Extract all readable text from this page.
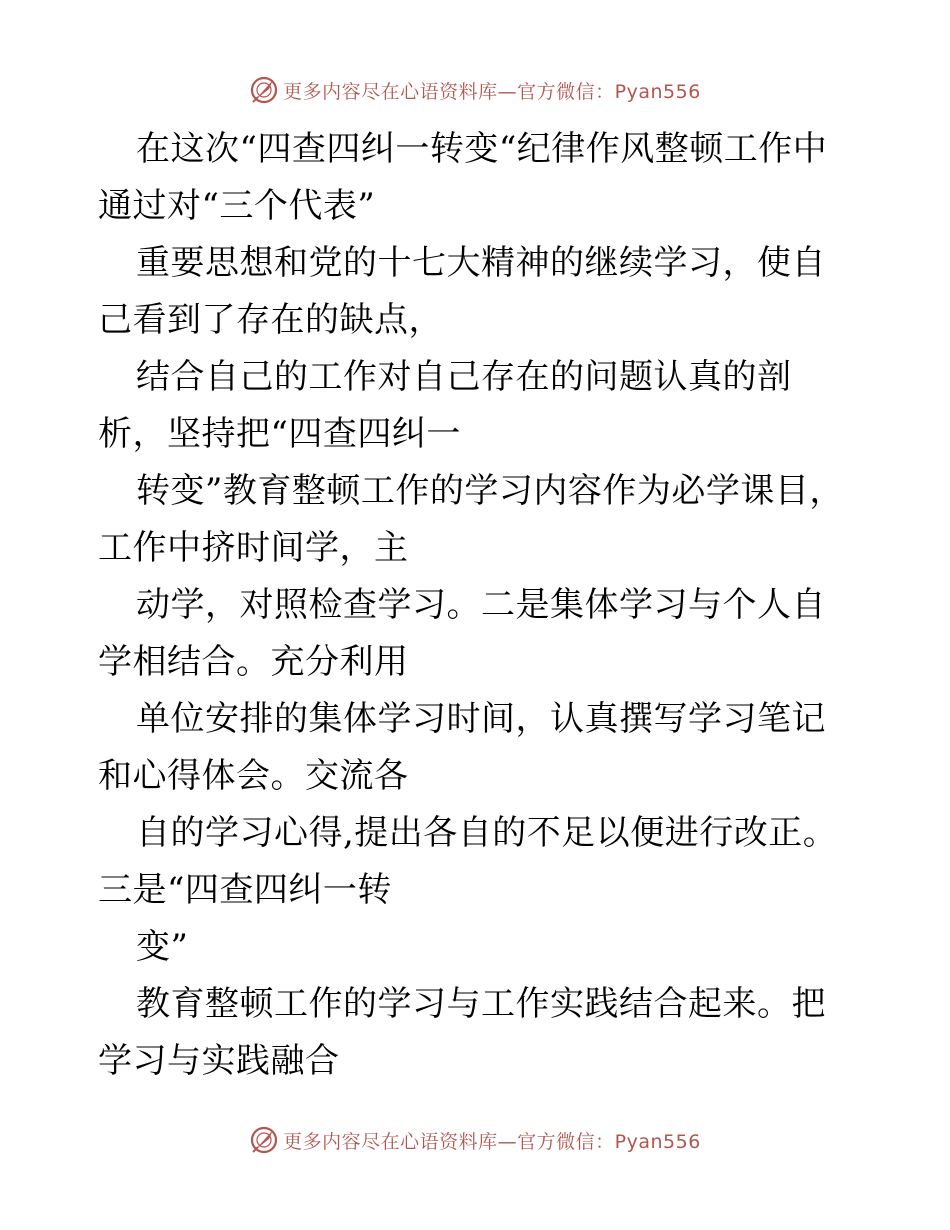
更多内容尽在心语资料库—官方微信：Pyan556

在这次“四查四纠一转变“纪律作风整顿工作中通过对“三个代表”

重要思想和党的十七大精神的继续学习，使自己看到了存在的缺点，

结合自己的工作对自己存在的问题认真的剖析，坚持把“四查四纠一

转变”教育整顿工作的学习内容作为必学课目，工作中挤时间学，主

动学，对照检查学习。二是集体学习与个人自学相结合。充分利用

单位安排的集体学习时间，认真撰写学习笔记和心得体会。交流各

自的学习心得,提出各自的不足以便进行改正。三是“四查四纠一转

变”

教育整顿工作的学习与工作实践结合起来。把学习与实践融合

更多内容尽在心语资料库—官方微信：Pyan556
